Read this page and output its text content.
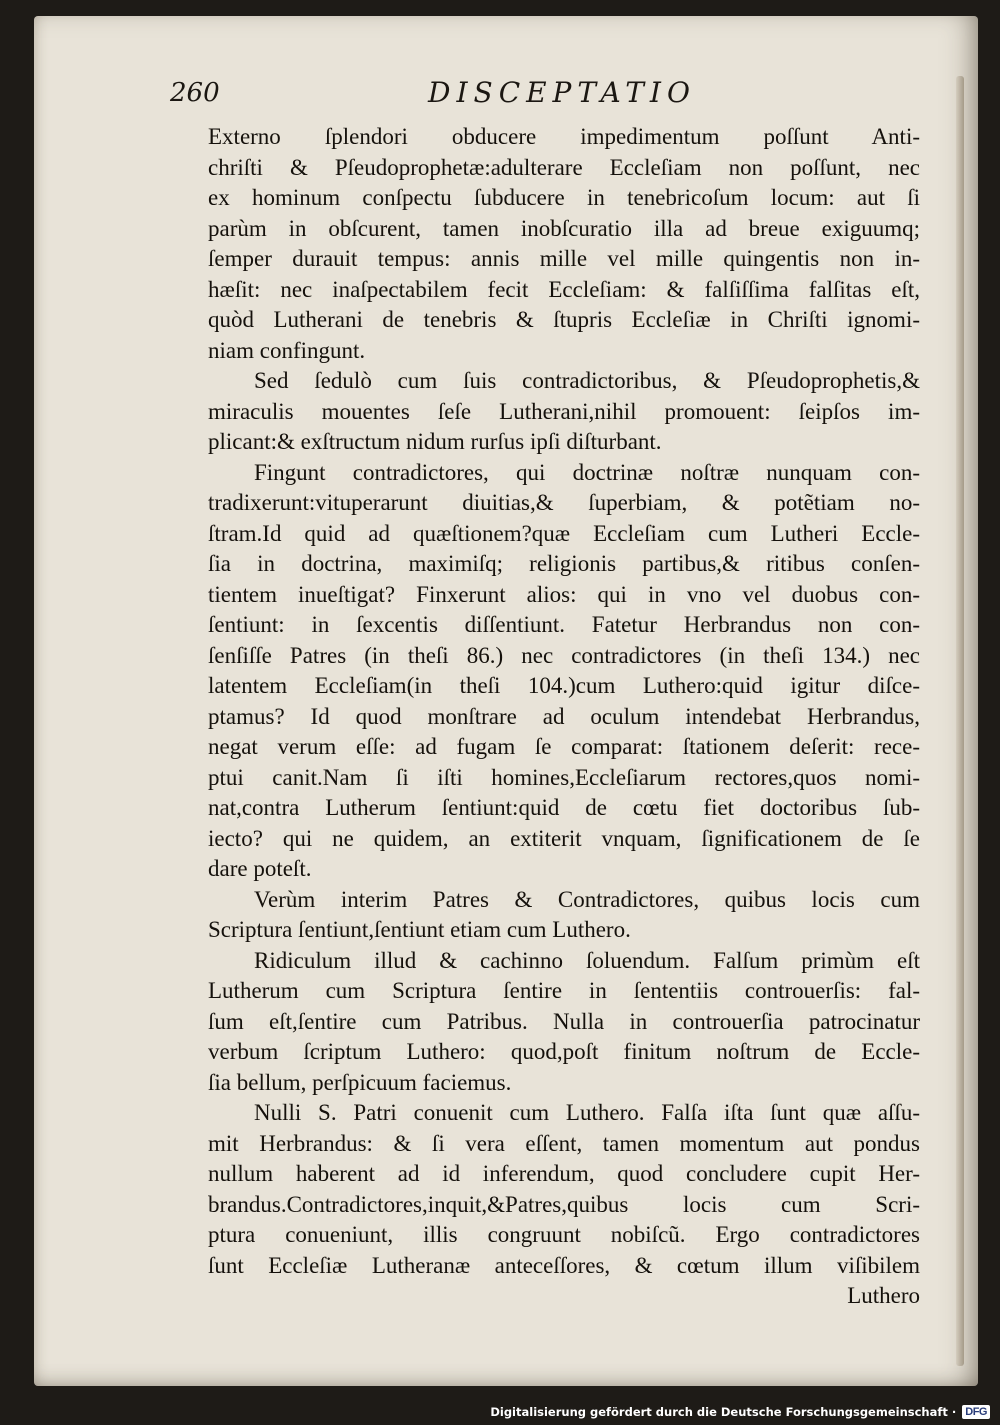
260	DISCEPTATIO
Externo ſplendori obducere impedimentum poſſunt Anti-
chriſti & Pſeudoprophetæ:adulterare Eccleſiam non poſſunt, nec
ex hominum conſpectu ſubducere in tenebricoſum locum: aut ſi
parùm in obſcurent, tamen inobſcuratio illa ad breue exiguumq;
ſemper durauit tempus: annis mille vel mille quingentis non in-
hæſit: nec inaſpectabilem fecit Eccleſiam: & falſiſſima falſitas eſt,
quòd Lutherani de tenebris & ſtupris Eccleſiæ in Chriſti ignomi-
niam confingunt.
Sed ſedulò cum ſuis contradictoribus, & Pſeudoprophetis,&
miraculis mouentes ſeſe Lutherani,nihil promouent: ſeipſos im-
plicant:& exſtructum nidum rurſus ipſi diſturbant.
Fingunt contradictores, qui doctrinæ noſtræ nunquam con-
tradixerunt:vituperarunt diuitias,& ſuperbiam, & potẽtiam no-
ſtram.Id quid ad quæſtionem?quæ Eccleſiam cum Lutheri Eccle-
ſia in doctrina, maximiſq; religionis partibus,& ritibus conſen-
tientem inueſtigat? Finxerunt alios: qui in vno vel duobus con-
ſentiunt: in ſexcentis diſſentiunt. Fatetur Herbrandus non con-
ſenſiſſe Patres (in theſi 86.) nec contradictores (in theſi 134.) nec
latentem Eccleſiam(in theſi 104.)cum Luthero:quid igitur diſce-
ptamus? Id quod monſtrare ad oculum intendebat Herbrandus,
negat verum eſſe: ad fugam ſe comparat: ſtationem deſerit: rece-
ptui canit.Nam ſi iſti homines,Eccleſiarum rectores,quos nomi-
nat,contra Lutherum ſentiunt:quid de cœtu fiet doctoribus ſub-
iecto? qui ne quidem, an extiterit vnquam, ſignificationem de ſe
dare poteſt.
Verùm interim Patres & Contradictores, quibus locis cum
Scriptura ſentiunt,ſentiunt etiam cum Luthero.
Ridiculum illud & cachinno ſoluendum. Falſum primùm eſt
Lutherum cum Scriptura ſentire in ſententiis controuerſis: fal-
ſum eſt,ſentire cum Patribus. Nulla in controuerſia patrocinatur
verbum ſcriptum Luthero: quod,poſt finitum noſtrum de Eccle-
ſia bellum, perſpicuum faciemus.
Nulli S. Patri conuenit cum Luthero. Falſa iſta ſunt quæ aſſu-
mit Herbrandus: & ſi vera eſſent, tamen momentum aut pondus
nullum haberent ad id inferendum, quod concludere cupit Her-
brandus.Contradictores,inquit,&Patres,quibus locis cum Scri-
ptura conueniunt, illis congruunt nobiſcũ. Ergo contradictores
ſunt Eccleſiæ Lutheranæ anteceſſores, & cœtum illum viſibilem
Luthero
Digitalisierung gefördert durch die Deutsche Forschungsgemeinschaft · DFG
